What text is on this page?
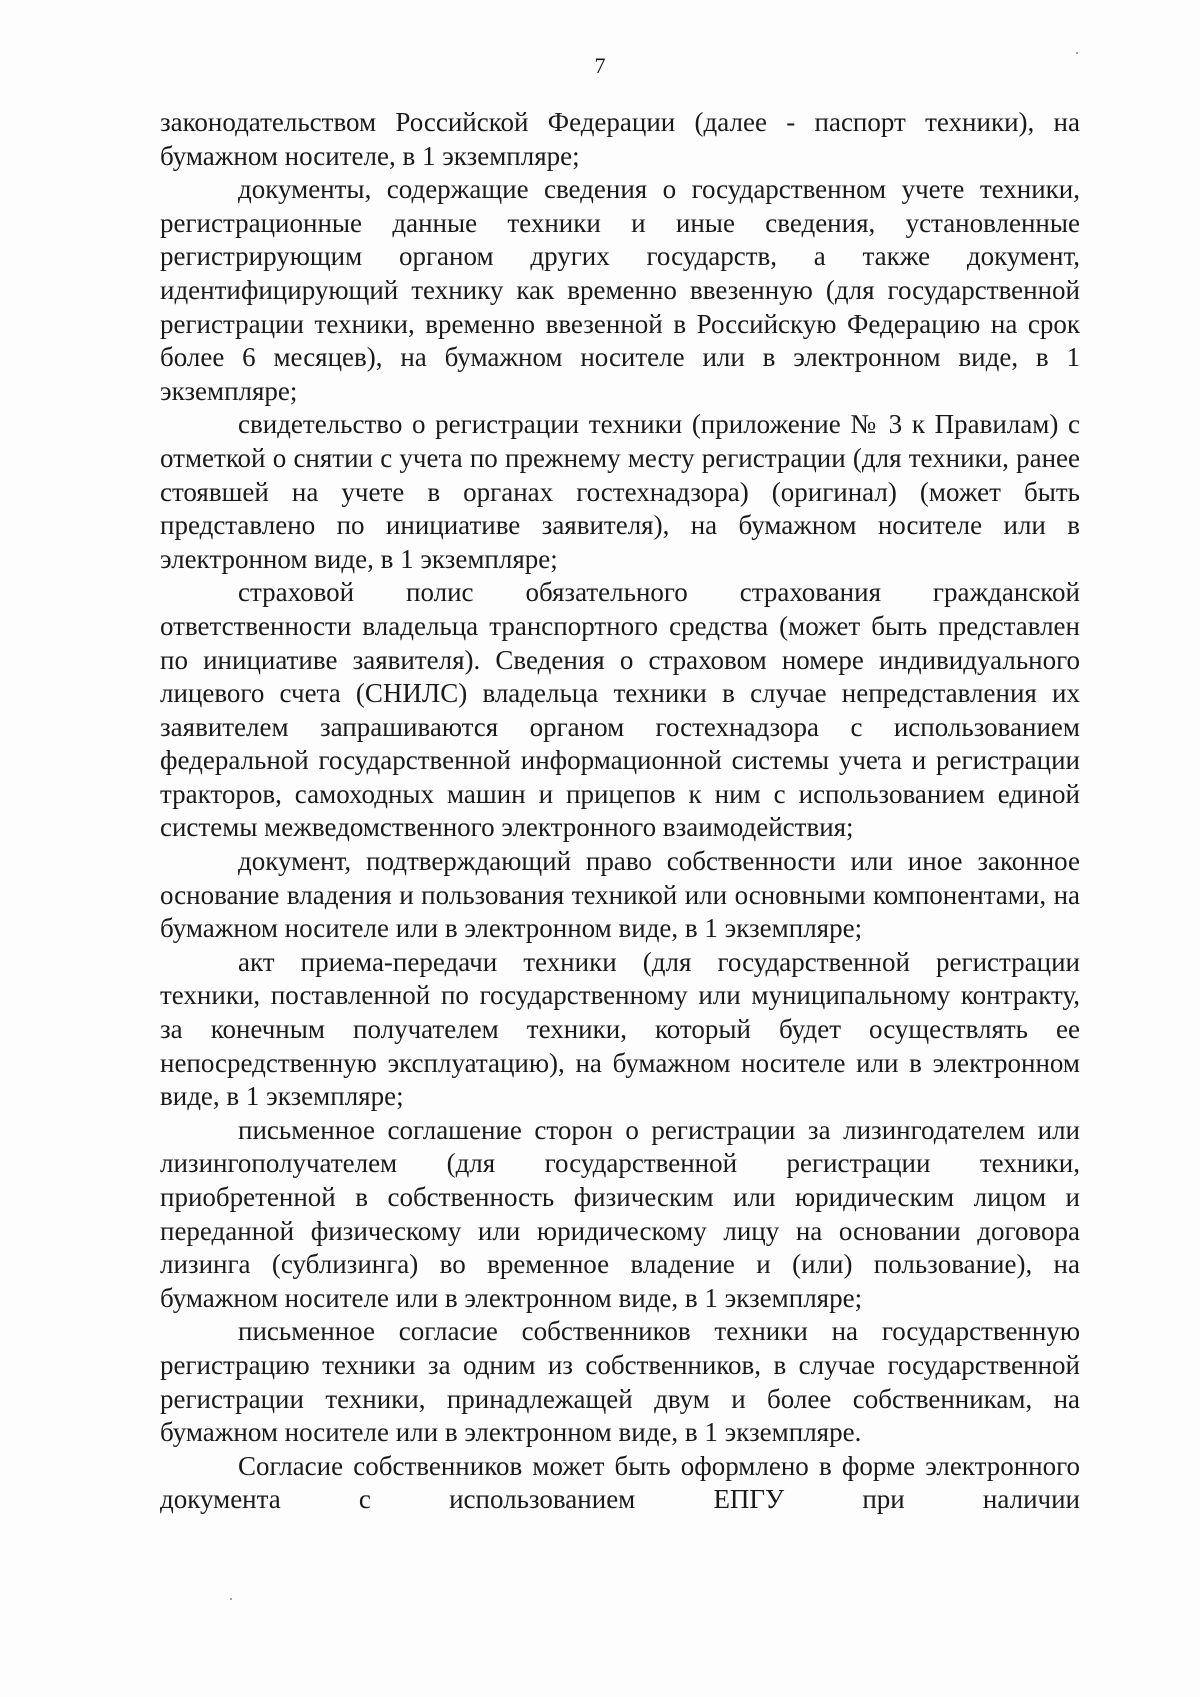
7

законодательством Российской Федерации (далее - паспорт техники), на бумажном носителе, в 1 экземпляре;

документы, содержащие сведения о государственном учете техники, регистрационные данные техники и иные сведения, установленные регистрирующим органом других государств, а также документ, идентифицирующий технику как временно ввезенную (для государственной регистрации техники, временно ввезенной в Российскую Федерацию на срок более 6 месяцев), на бумажном носителе или в электронном виде, в 1 экземпляре;

свидетельство о регистрации техники (приложение № 3 к Правилам) с отметкой о снятии с учета по прежнему месту регистрации (для техники, ранее стоявшей на учете в органах гостехнадзора) (оригинал) (может быть представлено по инициативе заявителя), на бумажном носителе или в электронном виде, в 1 экземпляре;

страховой полис обязательного страхования гражданской ответственности владельца транспортного средства (может быть представлен по инициативе заявителя). Сведения о страховом номере индивидуального лицевого счета (СНИЛС) владельца техники в случае непредставления их заявителем запрашиваются органом гостехнадзора с использованием федеральной государственной информационной системы учета и регистрации тракторов, самоходных машин и прицепов к ним с использованием единой системы межведомственного электронного взаимодействия;

документ, подтверждающий право собственности или иное законное основание владения и пользования техникой или основными компонентами, на бумажном носителе или в электронном виде, в 1 экземпляре;

акт приема-передачи техники (для государственной регистрации техники, поставленной по государственному или муниципальному контракту, за конечным получателем техники, который будет осуществлять ее непосредственную эксплуатацию), на бумажном носителе или в электронном виде, в 1 экземпляре;

письменное соглашение сторон о регистрации за лизингодателем или лизингополучателем (для государственной регистрации техники, приобретенной в собственность физическим или юридическим лицом и переданной физическому или юридическому лицу на основании договора лизинга (сублизинга) во временное владение и (или) пользование), на бумажном носителе или в электронном виде, в 1 экземпляре;

письменное согласие собственников техники на государственную регистрацию техники за одним из собственников, в случае государственной регистрации техники, принадлежащей двум и более собственникам, на бумажном носителе или в электронном виде, в 1 экземпляре.

Согласие собственников может быть оформлено в форме электронного документа с использованием ЕПГУ при наличии
